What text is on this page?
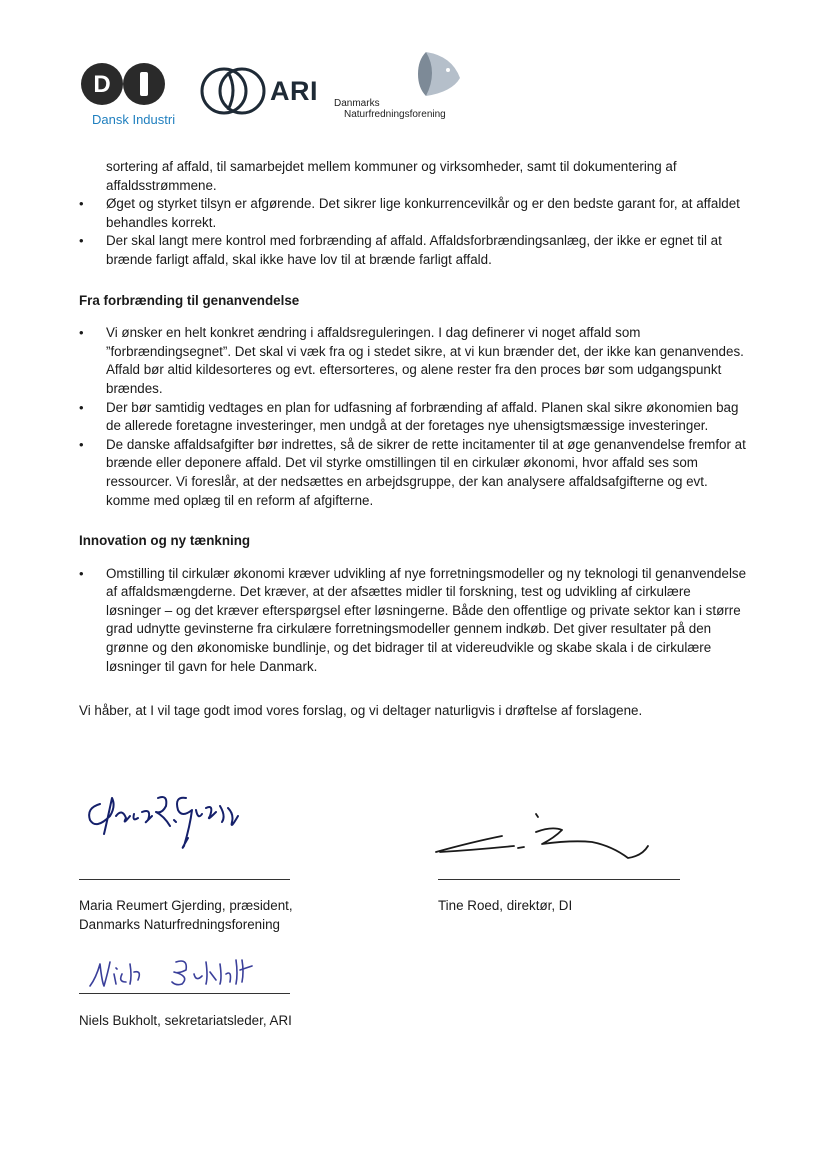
D
Dansk Industri
ARI Danmarks
Naturfredningsforening

sortering af affald, til samarbejdet mellem kommuner og virksomheder, samt til dokumentering af affaldsstrømmene.

•	Øget og styrket tilsyn er afgørende. Det sikrer lige konkurrencevilkår og er den bedste garant for, at affaldet behandles korrekt.
•	Der skal langt mere kontrol med forbrænding af affald. Affaldsforbrændingsanlæg, der ikke er egnet til at brænde farligt affald, skal ikke have lov til at brænde farligt affald.
Fra forbrænding til genanvendelse
•	Vi ønsker en helt konkret ændring i affaldsreguleringen. I dag definerer vi noget affald som ”forbrændingsegnet”. Det skal vi væk fra og i stedet sikre, at vi kun brænder det, der ikke kan genanvendes. Affald bør altid kildesorteres og evt. eftersorteres, og alene rester fra den proces bør som udgangspunkt brændes.
•	Der bør samtidig vedtages en plan for udfasning af forbrænding af affald. Planen skal sikre økonomien bag de allerede foretagne investeringer, men undgå at der foretages nye uhensigtsmæssige investeringer.
•	De danske affaldsafgifter bør indrettes, så de sikrer de rette incitamenter til at øge genanvendelse fremfor at brænde eller deponere affald. Det vil styrke omstillingen til en cirkulær økonomi, hvor affald ses som ressourcer. Vi foreslår, at der nedsættes en arbejdsgruppe, der kan analysere affaldsafgifterne og evt. komme med oplæg til en reform af afgifterne.
Innovation og ny tænkning
•	Omstilling til cirkulær økonomi kræver udvikling af nye forretningsmodeller og ny teknologi til genanvendelse af affaldsmængderne. Det kræver, at der afsættes midler til forskning, test og udvikling af cirkulære løsninger – og det kræver efterspørgsel efter løsningerne. Både den offentlige og private sektor kan i større grad udnytte gevinsterne fra cirkulære forretningsmodeller gennem indkøb. Det giver resultater på den grønne og den økonomiske bundlinje, og det bidrager til at videreudvikle og skabe skala i de cirkulære løsninger til gavn for hele Danmark.

Vi håber, at I vil tage godt imod vores forslag, og vi deltager naturligvis i drøftelse af forslagene.

Maria Reumert Gjerding, præsident,
Danmarks Naturfredningsforening
Tine Roed, direktør, DI
Niels Bukholt, sekretariatsleder, ARI
